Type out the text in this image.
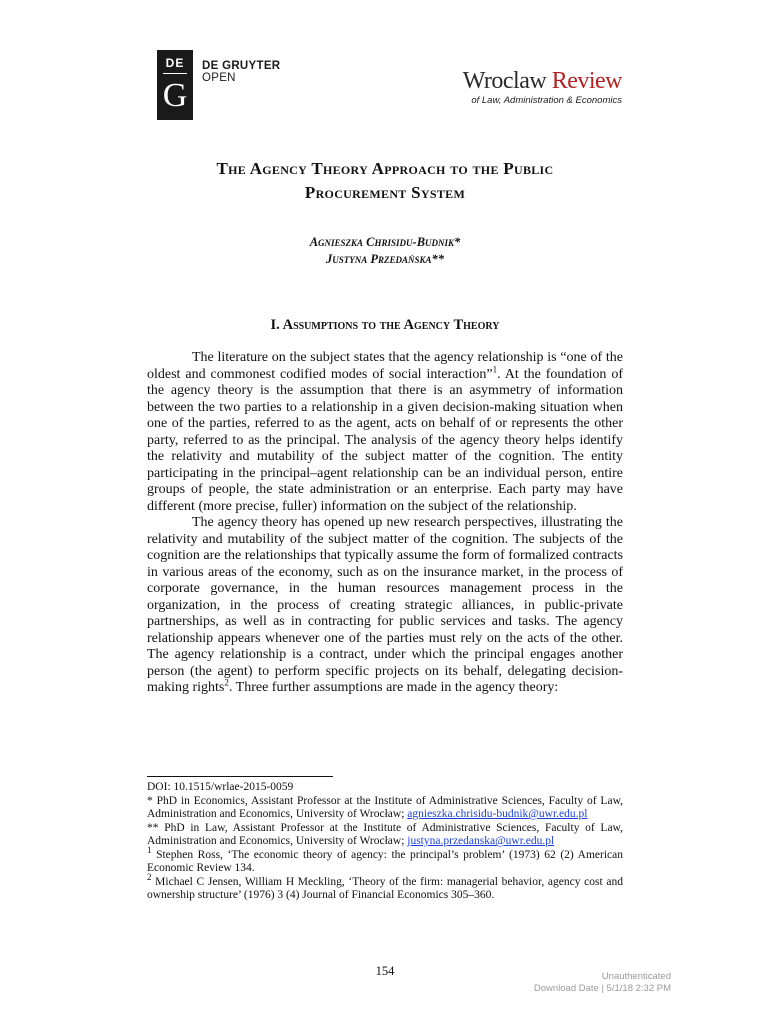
DE
G
DE GRUYTER
OPEN	Wroclaw Review
of Law, Administration & Economics
The Agency Theory Approach to the Public
Procurement System
Agnieszka Chrisidu-Budnik*
Justyna Przedańska**
I. Assumptions to the Agency Theory

The literature on the subject states that the agency relationship is “one of the oldest and commonest codified modes of social interaction”$^1$. At the foundation of the agency theory is the assumption that there is an asymmetry of information between the two parties to a relationship in a given decision-making situation when one of the parties, referred to as the agent, acts on behalf of or represents the other party, referred to as the principal. The analysis of the agency theory helps identify the relativity and mutability of the subject matter of the cognition. The entity participating in the principal–agent relationship can be an individual person, entire groups of people, the state administration or an enterprise. Each party may have different (more precise, fuller) information on the subject of the relationship.

The agency theory has opened up new research perspectives, illustrating the relativity and mutability of the subject matter of the cognition. The subjects of the cognition are the relationships that typically assume the form of formalized contracts in various areas of the economy, such as on the insurance market, in the process of corporate governance, in the human resources management process in the organization, in the process of creating strategic alliances, in public-private partnerships, as well as in contracting for public services and tasks. The agency relationship appears whenever one of the parties must rely on the acts of the other. The agency relationship is a contract, under which the principal engages another person (the agent) to perform specific projects on its behalf, delegating decision-making rights$^2$. Three further assumptions are made in the agency theory:

DOI: 10.1515/wrlae-2015-0059
* PhD in Economics, Assistant Professor at the Institute of Administrative Sciences, Faculty of Law, Administration and Economics, University of Wrocław; agnieszka.chrisidu-budnik@uwr.edu.pl
** PhD in Law, Assistant Professor at the Institute of Administrative Sciences, Faculty of Law, Administration and Economics, University of Wrocław; justyna.przedanska@uwr.edu.pl
$^1$ Stephen Ross, ‘The economic theory of agency: the principal’s problem’ (1973) 62 (2) American Economic Review 134.
$^2$ Michael C Jensen, William H Meckling, ‘Theory of the firm: managerial behavior, agency cost and ownership structure’ (1976) 3 (4) Journal of Financial Economics 305–360.
154	Unauthenticated
Download Date | 5/1/18 2:32 PM
